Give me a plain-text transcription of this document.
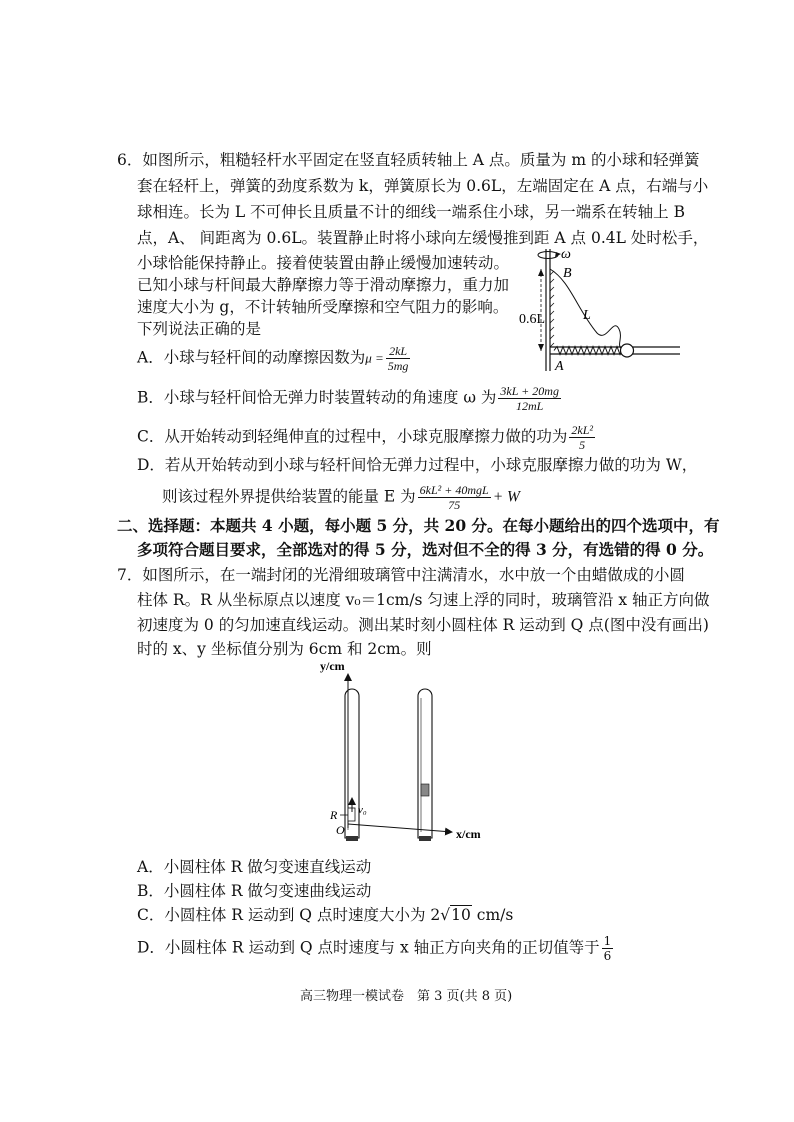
6．如图所示，粗糙轻杆水平固定在竖直轻质转轴上 A 点。质量为 m 的小球和轻弹簧
套在轻杆上，弹簧的劲度系数为 k，弹簧原长为 0.6L，左端固定在 A 点，右端与小
球相连。长为 L 不可伸长且质量不计的细线一端系住小球，另一端系在转轴上 B
点，A、 间距离为 0.6L。装置静止时将小球向左缓慢推到距 A 点 0.4L 处时松手，
小球恰能保持静止。接着使装置由静止缓慢加速转动。
已知小球与杆间最大静摩擦力等于滑动摩擦力，重力加
速度大小为 g，不计转轴所受摩擦和空气阻力的影响。
下列说法正确的是
A．小球与轻杆间的动摩擦因数为$\mu = \frac{2kL}{5mg}$
B．小球与轻杆间恰无弹力时装置转动的角速度 ω 为 $\frac{3kL + 20mg}{12mL}$
C．从开始转动到轻绳伸直的过程中，小球克服摩擦力做的功为 $\frac{\text{2kL²}}{5}$
D．若从开始转动到小球与轻杆间恰无弹力过程中，小球克服摩擦力做的功为 W，
则该过程外界提供给装置的能量 E 为 $\frac{\text{6kL² + 40mgL}}{75} + W$
ω
B
A
0.6L	L
二、选择题：本题共 4 小题，每小题 5 分，共 20 分。在每小题给出的四个选项中，有
多项符合题目要求，全部选对的得 5 分，选对但不全的得 3 分，有选错的得 0 分。
7．如图所示，在一端封闭的光滑细玻璃管中注满清水，水中放一个由蜡做成的小圆
柱体 R。R 从坐标原点以速度 v₀＝1cm/s 匀速上浮的同时，玻璃管沿 x 轴正方向做
初速度为 0 的匀加速直线运动。测出某时刻小圆柱体 R 运动到 Q 点(图中没有画出)
时的 x、y 坐标值分别为 6cm 和 2cm。则
y/cm
x/cm
O
R v₀
A．小圆柱体 R 做匀变速直线运动
B．小圆柱体 R 做匀变速曲线运动
C．小圆柱体 R 运动到 Q 点时速度大小为 2√10 cm/s
D．小圆柱体 R 运动到 Q 点时速度与 x 轴正方向夹角的正切值等于 $\frac{1}{6}$
高三物理一模试卷　第 3 页(共 8 页)
